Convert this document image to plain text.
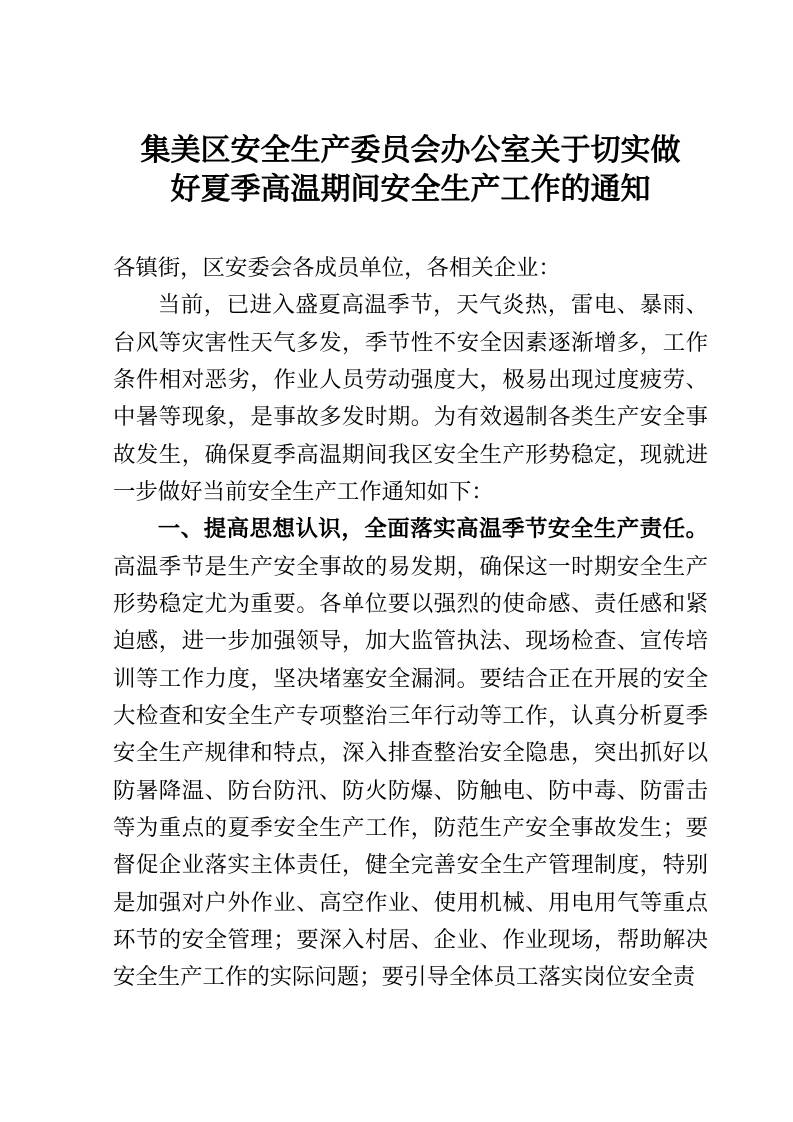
集美区安全生产委员会办公室关于切实做
好夏季高温期间安全生产工作的通知

各镇街，区安委会各成员单位，各相关企业：

当前，已进入盛夏高温季节，天气炎热，雷电、暴雨、台风等灾害性天气多发，季节性不安全因素逐渐增多，工作条件相对恶劣，作业人员劳动强度大，极易出现过度疲劳、中暑等现象，是事故多发时期。为有效遏制各类生产安全事故发生，确保夏季高温期间我区安全生产形势稳定，现就进一步做好当前安全生产工作通知如下：

一、提高思想认识，全面落实高温季节安全生产责任。高温季节是生产安全事故的易发期，确保这一时期安全生产形势稳定尤为重要。各单位要以强烈的使命感、责任感和紧迫感，进一步加强领导，加大监管执法、现场检查、宣传培训等工作力度，坚决堵塞安全漏洞。要结合正在开展的安全大检查和安全生产专项整治三年行动等工作，认真分析夏季安全生产规律和特点，深入排查整治安全隐患，突出抓好以防暑降温、防台防汛、防火防爆、防触电、防中毒、防雷击等为重点的夏季安全生产工作，防范生产安全事故发生；要督促企业落实主体责任，健全完善安全生产管理制度，特别是加强对户外作业、高空作业、使用机械、用电用气等重点环节的安全管理；要深入村居、企业、作业现场，帮助解决安全生产工作的实际问题；要引导全体员工落实岗位安全责
